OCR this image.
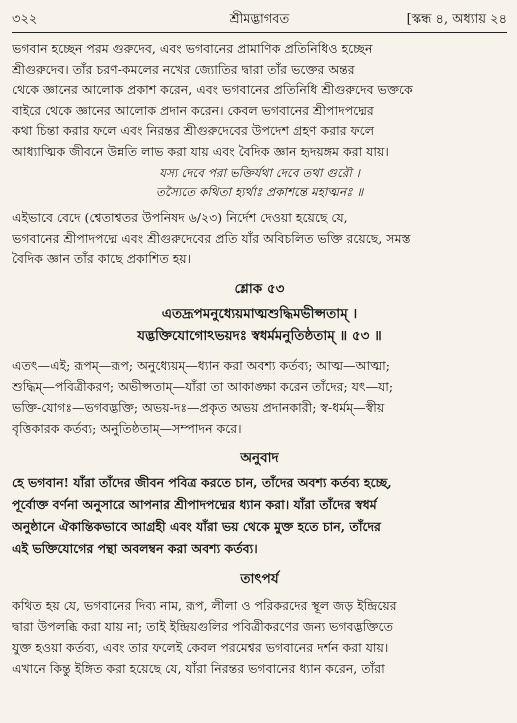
৩২২	শ্রীমদ্ভাগবত	[স্কন্ধ ৪, অধ্যায় ২৪
ভগবান হচ্ছেন পরম গুরুদেব, এবং ভগবানের প্রামাণিক প্রতিনিধিও হচ্ছেন
শ্রীগুরুদেব। তাঁর চরণ-কমলের নখের জ্যোতির দ্বারা তাঁর ভক্তের অন্তর
থেকে জ্ঞানের আলোক প্রকাশ করেন, এবং ভগবানের প্রতিনিধি শ্রীগুরুদেব ভক্তকে
বাইরে থেকে জ্ঞানের আলোক প্রদান করেন। কেবল ভগবানের শ্রীপাদপদ্মের
কথা চিন্তা করার ফলে এবং নিরন্তর শ্রীগুরুদেবের উপদেশ গ্রহণ করার ফলে
আধ্যাত্মিক জীবনে উন্নতি লাভ করা যায় এবং বৈদিক জ্ঞান হৃদয়ঙ্গম করা যায়।
যস্য দেবে পরা ভক্তির্যথা দেবে তথা গুরৌ ।
তস্যৈতে কথিতা হ্যর্থাঃ প্রকাশন্তে মহাত্মনঃ ॥
এইভাবে বেদে (শ্বেতাশ্বতর উপনিষদ ৬/২৩) নির্দেশ দেওয়া হয়েছে যে,
ভগবানের শ্রীপাদপদ্মে এবং শ্রীগুরুদেবের প্রতি যাঁর অবিচলিত ভক্তি রয়েছে, সমস্ত
বৈদিক জ্ঞান তাঁর কাছে প্রকাশিত হয়।
শ্লোক ৫৩
এতদ্রূপমনুধ্যেয়মাত্মশুদ্ধিমভীপ্সতাম্ ।
যদ্ভক্তিযোগোঽভয়দঃ স্বধর্মমনুতিষ্ঠতাম্ ॥ ৫৩ ॥
এতৎ—এই; রূপম্—রূপ; অনুধ্যেয়ম্—ধ্যান করা অবশ্য কর্তব্য; আত্ম—আত্মা;
শুদ্ধিম্—পবিত্রীকরণ; অভীপ্সতাম্—যাঁরা তা আকাঙ্ক্ষা করেন তাঁদের; যৎ—যা;
ভক্তি-যোগঃ—ভগবদ্ভক্তি; অভয়-দঃ—প্রকৃত অভয় প্রদানকারী; স্ব-ধর্মম্—স্বীয়
বৃত্তিকারক কর্তব্য; অনুতিষ্ঠতাম্—সম্পাদন করে।
অনুবাদ
হে ভগবান! যাঁরা তাঁদের জীবন পবিত্র করতে চান, তাঁদের অবশ্য কর্তব্য হচ্ছে,
পূর্বোক্ত বর্ণনা অনুসারে আপনার শ্রীপাদপদ্মের ধ্যান করা। যাঁরা তাঁদের স্বধর্ম
অনুষ্ঠানে ঐকান্তিকভাবে আগ্রহী এবং যাঁরা ভয় থেকে মুক্ত হতে চান, তাঁদের
এই ভক্তিযোগের পন্থা অবলম্বন করা অবশ্য কর্তব্য।
তাৎপর্য
কথিত হয় যে, ভগবানের দিব্য নাম, রূপ, লীলা ও পরিকরদের স্থূল জড় ইন্দ্রিয়ের
দ্বারা উপলব্ধি করা যায় না; তাই ইন্দ্রিয়গুলির পবিত্রীকরণের জন্য ভগবদ্ভক্তিতে
যুক্ত হওয়া কর্তব্য, এবং তার ফলেই কেবল পরমেশ্বর ভগবানের দর্শন করা যায়।
এখানে কিন্তু ইঙ্গিত করা হয়েছে যে, যাঁরা নিরন্তর ভগবানের ধ্যান করেন, তাঁরা
